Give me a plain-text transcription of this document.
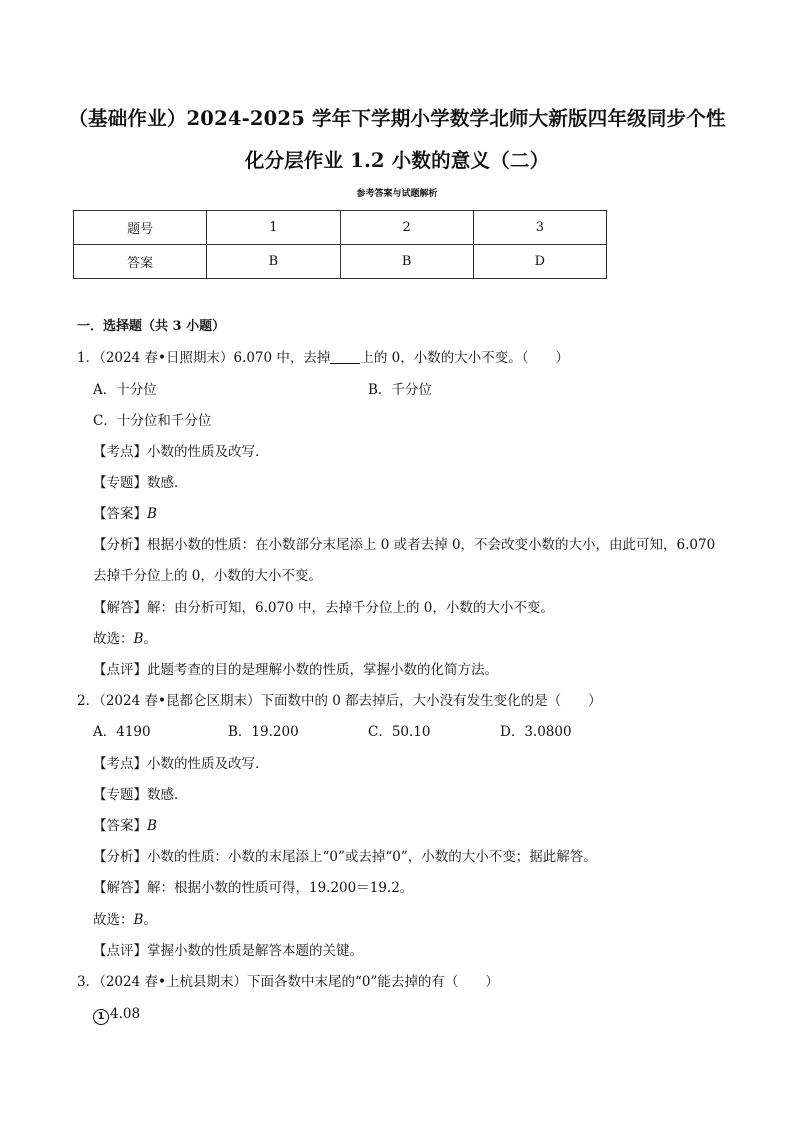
（基础作业）2024-2025 学年下学期小学数学北师大新版四年级同步个性
化分层作业 1.2 小数的意义（二）
参考答案与试题解析
题号	1	2	3
答案	B	B	D
一．选择题（共 3 小题）
1．（2024 春•日照期末）6.070 中，去掉 上的 0，小数的大小不变。（　　）
A．十分位	B．千分位
C．十分位和千分位
【考点】小数的性质及改写．
【专题】数感．
【答案】B
【分析】根据小数的性质：在小数部分末尾添上 0 或者去掉 0，不会改变小数的大小，由此可知，6.070
去掉千分位上的 0，小数的大小不变。
【解答】解：由分析可知，6.070 中，去掉千分位上的 0，小数的大小不变。
故选：B。
【点评】此题考查的目的是理解小数的性质，掌握小数的化简方法。
2．（2024 春•昆都仑区期末）下面数中的 0 都去掉后，大小没有发生变化的是（　　）
A．4190	B．19.200	C．50.10	D．3.0800
【考点】小数的性质及改写．
【专题】数感．
【答案】B
【分析】小数的性质：小数的末尾添上“0”或去掉“0”，小数的大小不变；据此解答。
【解答】解：根据小数的性质可得，19.200＝19.2。
故选：B。
【点评】掌握小数的性质是解答本题的关键。
3．（2024 春•上杭县期末）下面各数中末尾的“0”能去掉的有（　　）
1 4.08
